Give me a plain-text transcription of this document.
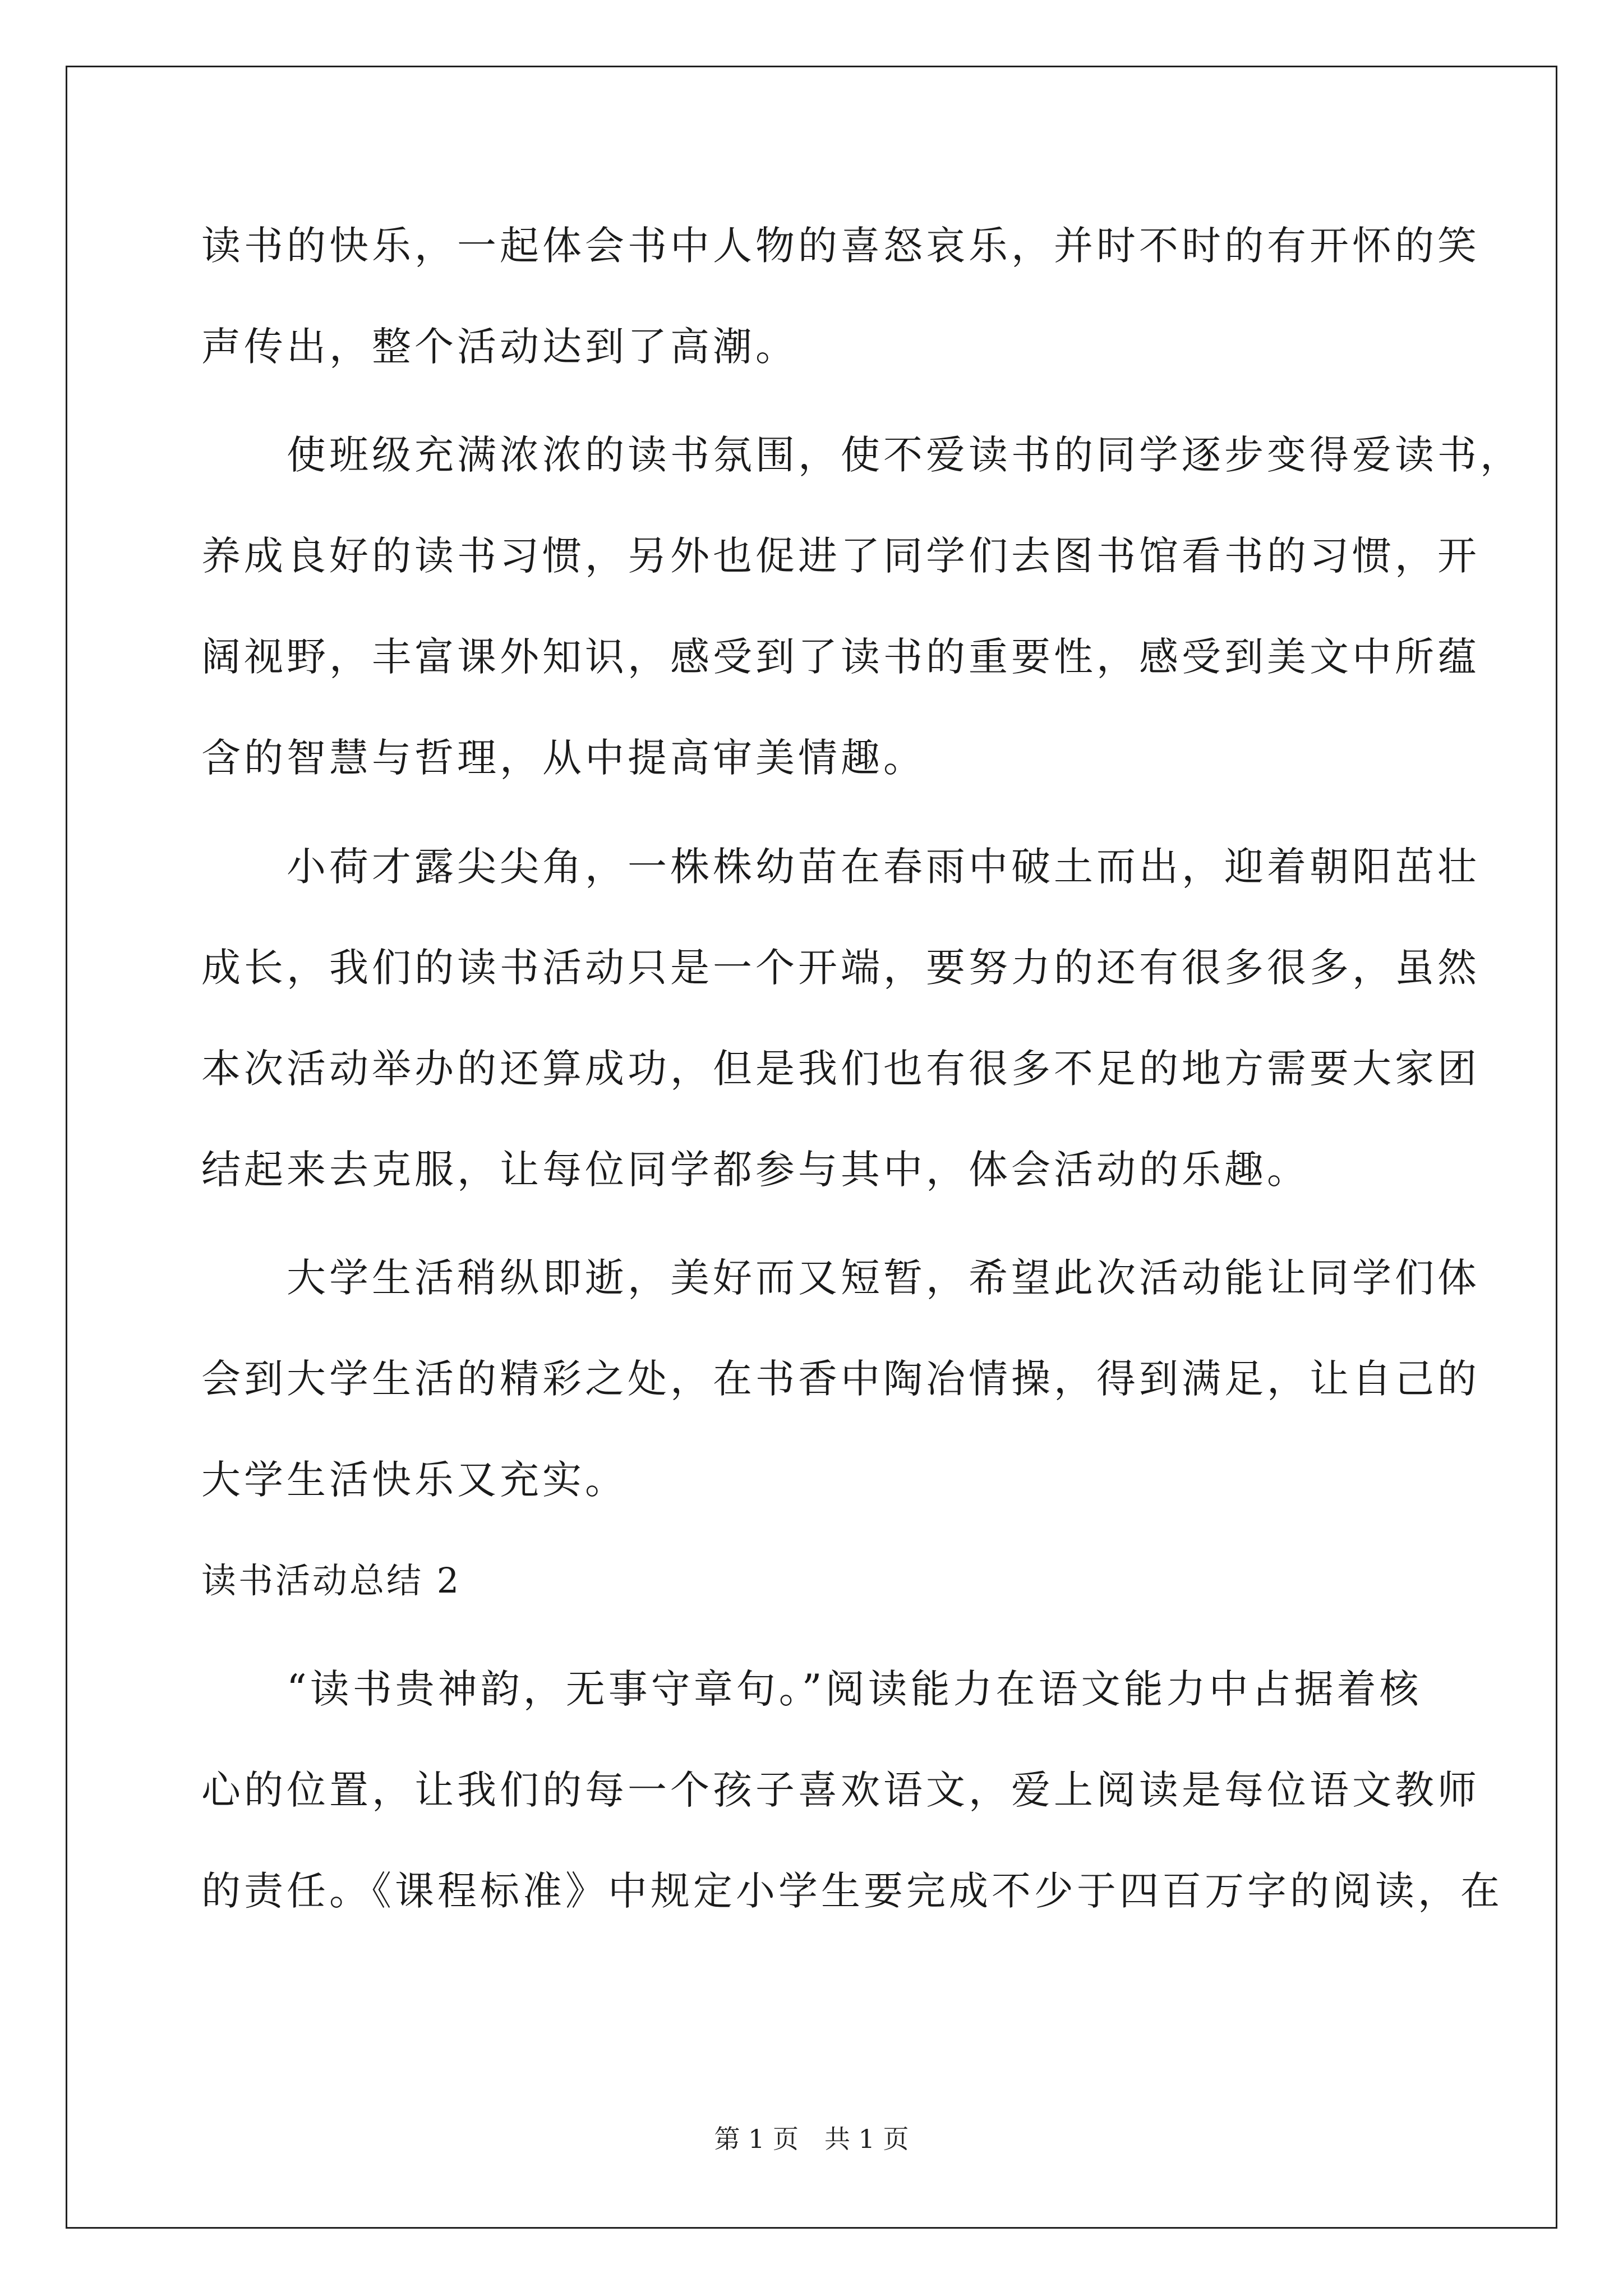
读书的快乐，一起体会书中人物的喜怒哀乐，并时不时的有开怀的笑
声传出，整个活动达到了高潮。
　　使班级充满浓浓的读书氛围，使不爱读书的同学逐步变得爱读书，
养成良好的读书习惯，另外也促进了同学们去图书馆看书的习惯，开
阔视野，丰富课外知识，感受到了读书的重要性，感受到美文中所蕴
含的智慧与哲理，从中提高审美情趣。
　　小荷才露尖尖角，一株株幼苗在春雨中破土而出，迎着朝阳茁壮
成长，我们的读书活动只是一个开端，要努力的还有很多很多，虽然
本次活动举办的还算成功，但是我们也有很多不足的地方需要大家团
结起来去克服，让每位同学都参与其中，体会活动的乐趣。
　　大学生活稍纵即逝，美好而又短暂，希望此次活动能让同学们体
会到大学生活的精彩之处，在书香中陶冶情操，得到满足，让自己的
大学生活快乐又充实。
读书活动总结 2
　　“读书贵神韵，无事守章句。”阅读能力在语文能力中占据着核
心的位置，让我们的每一个孩子喜欢语文，爱上阅读是每位语文教师
的责任。《课程标准》中规定小学生要完成不少于四百万字的阅读，在
第 1 页　共 1 页
